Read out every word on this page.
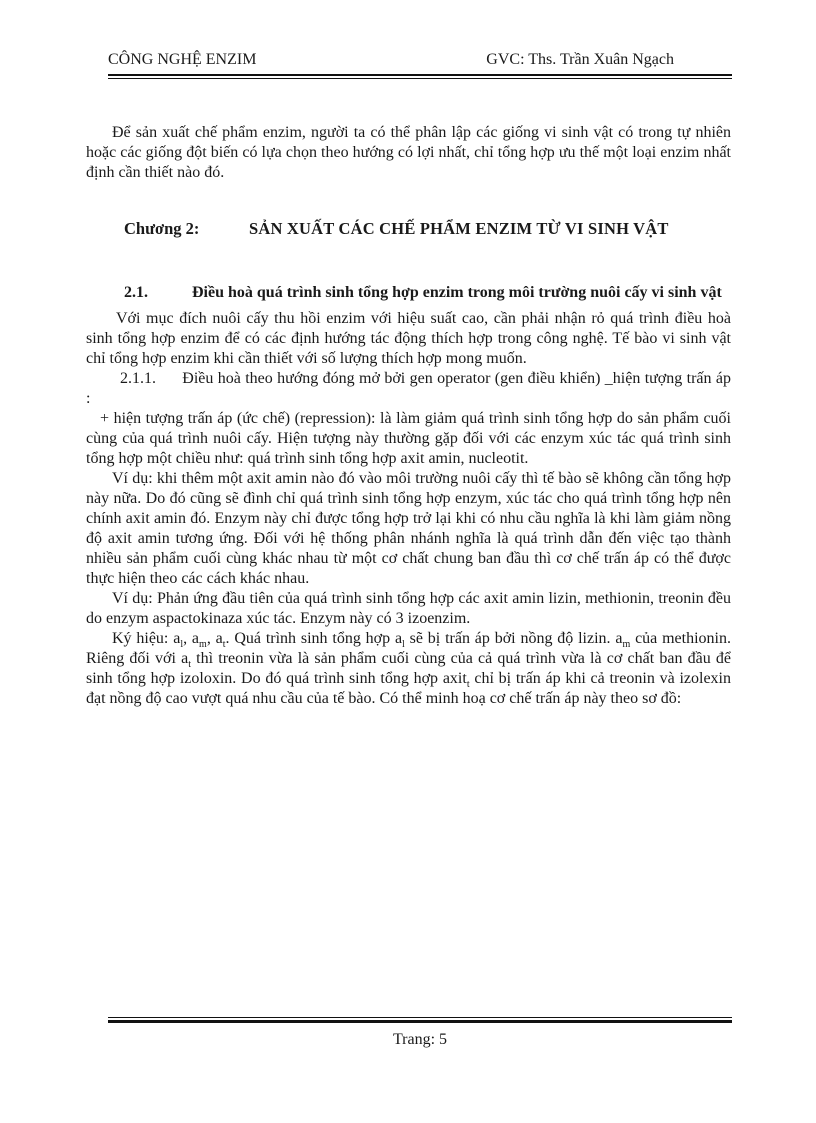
CÔNG NGHỆ ENZIM	GVC: Ths. Trần Xuân Ngạch

Để sản xuất chế phẩm enzim, người ta có thể phân lập các giống vi sinh vật có trong tự nhiên hoặc các giống đột biến có lựa chọn theo hướng có lợi nhất, chỉ tổng hợp ưu thế một loại enzim nhất định cần thiết nào đó.

Chương 2:	SẢN XUẤT CÁC CHẾ PHẨM ENZIM TỪ VI SINH VẬT
2.1.	Điều hoà quá trình sinh tổng hợp enzim trong môi trường nuôi cấy vi sinh vật

Với mục đích nuôi cấy thu hồi enzim với hiệu suất cao, cần phải nhận rỏ quá trình điều hoà sinh tổng hợp enzim để có các định hướng tác động thích hợp trong công nghệ. Tế bào vi sinh vật chỉ tổng hợp enzim khi cần thiết với số lượng thích hợp mong muốn.

2.1.1. Điều hoà theo hướng đóng mở bởi gen operator (gen điều khiển) _hiện tượng trấn áp :

+ hiện tượng trấn áp (ức chế) (repression): là làm giảm quá trình sinh tổng hợp do sản phẩm cuối cùng của quá trình nuôi cấy. Hiện tượng này thường gặp đối với các enzym xúc tác quá trình sinh tổng hợp một chiều như: quá trình sinh tổng hợp axit amin, nucleotit.

Ví dụ: khi thêm một axit amin nào đó vào môi trường nuôi cấy thì tế bào sẽ không cần tổng hợp này nữa. Do đó cũng sẽ đình chỉ quá trình sinh tổng hợp enzym, xúc tác cho quá trình tổng hợp nên chính axit amin đó. Enzym này chỉ được tổng hợp trở lại khi có nhu cầu nghĩa là khi làm giảm nồng độ axit amin tương ứng. Đối với hệ thống phân nhánh nghĩa là quá trình dẫn đến việc tạo thành nhiều sản phẩm cuối cùng khác nhau từ một cơ chất chung ban đầu thì cơ chế trấn áp có thể được thực hiện theo các cách khác nhau.

Ví dụ: Phản ứng đầu tiên của quá trình sinh tổng hợp các axit amin lizin, methionin, treonin đều do enzym aspactokinaza xúc tác. Enzym này có 3 izoenzim.

Ký hiệu: $a_l$, $a_m$, $a_t$. Quá trình sinh tổng hợp $a_l$ sẽ bị trấn áp bởi nồng độ lizin. $a_m$ của methionin. Riêng đối với $a_t$ thì treonin vừa là sản phẩm cuối cùng của cả quá trình vừa là cơ chất ban đầu để sinh tổng hợp izoloxin. Do đó quá trình sinh tổng hợp axit$_t$ chỉ bị trấn áp khi cả treonin và izolexin đạt nồng độ cao vượt quá nhu cầu của tế bào. Có thể minh hoạ cơ chế trấn áp này theo sơ đồ:

Trang: 5
